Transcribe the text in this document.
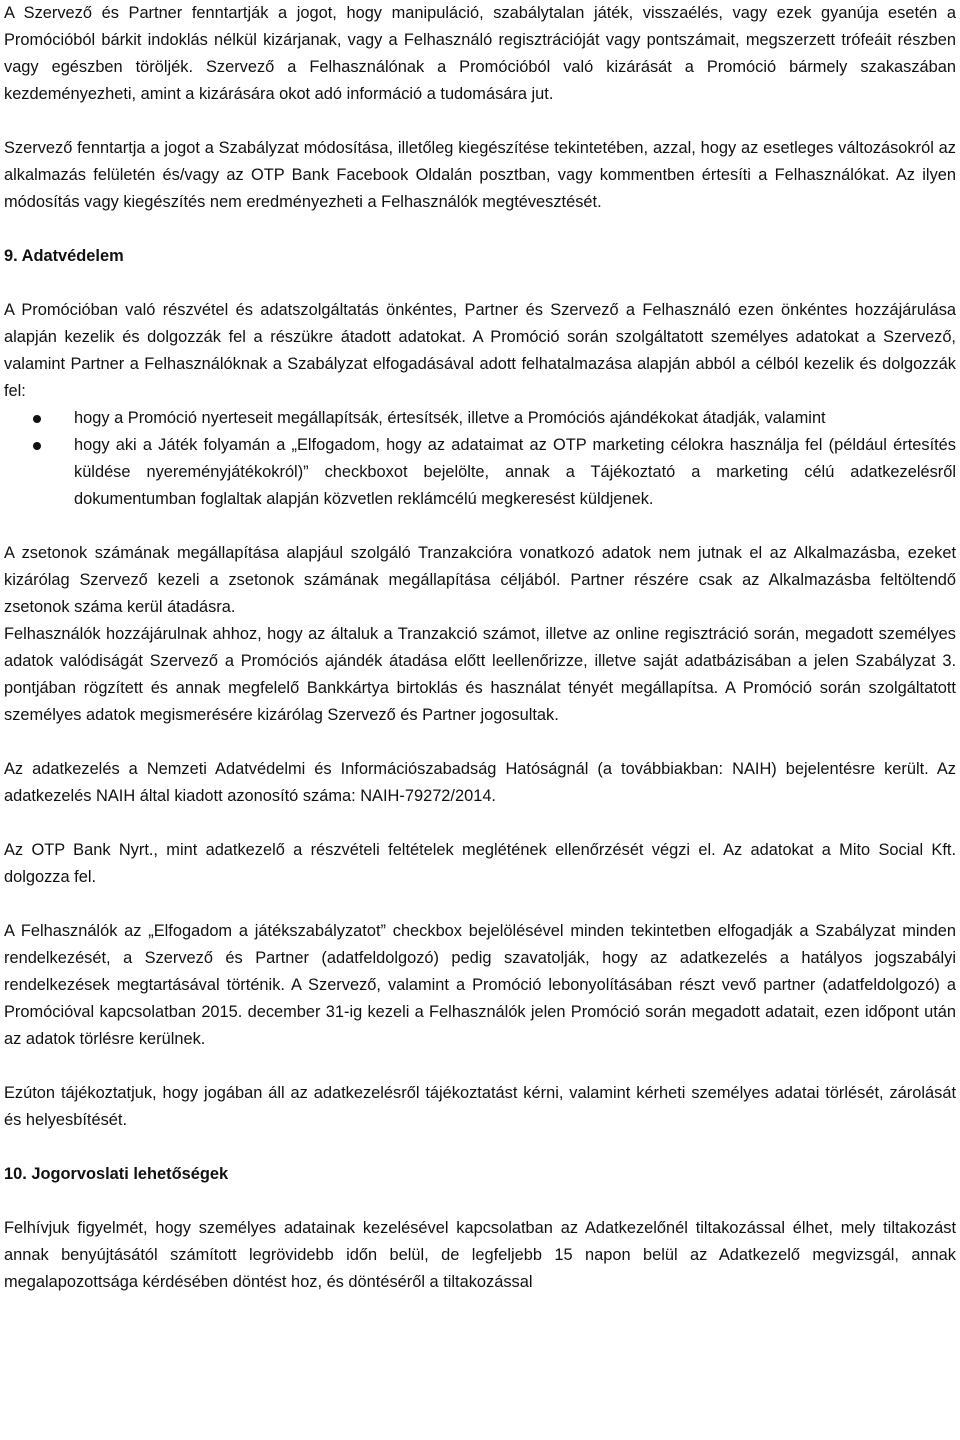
A Szervező és Partner fenntartják a jogot, hogy manipuláció, szabálytalan játék, visszaélés, vagy ezek gyanúja esetén a Promócióból bárkit indoklás nélkül kizárjanak, vagy a Felhasználó regisztrációját vagy pontszámait, megszerzett trófeáit részben vagy egészben töröljék. Szervező a Felhasználónak a Promócióból való kizárását a Promóció bármely szakaszában kezdeményezheti, amint a kizárására okot adó információ a tudomására jut.

Szervező fenntartja a jogot a Szabályzat módosítása, illetőleg kiegészítése tekintetében, azzal, hogy az esetleges változásokról az alkalmazás felületén és/vagy az OTP Bank Facebook Oldalán posztban, vagy kommentben értesíti a Felhasználókat. Az ilyen módosítás vagy kiegészítés nem eredményezheti a Felhasználók megtévesztését.

9. Adatvédelem

A Promócióban való részvétel és adatszolgáltatás önkéntes, Partner és Szervező a Felhasználó ezen önkéntes hozzájárulása alapján kezelik és dolgozzák fel a részükre átadott adatokat. A Promóció során szolgáltatott személyes adatokat a Szervező, valamint Partner a Felhasználóknak a Szabályzat elfogadásával adott felhatalmazása alapján abból a célból kezelik és dolgozzák fel:

hogy a Promóció nyerteseit megállapítsák, értesítsék, illetve a Promóciós ajándékokat átadják, valamint
hogy aki a Játék folyamán a „Elfogadom, hogy az adataimat az OTP marketing célokra használja fel (például értesítés küldése nyereményjátékokról)” checkboxot bejelölte, annak a Tájékoztató a marketing célú adatkezelésről dokumentumban foglaltak alapján közvetlen reklámcélú megkeresést küldjenek.

A zsetonok számának megállapítása alapjául szolgáló Tranzakcióra vonatkozó adatok nem jutnak el az Alkalmazásba, ezeket kizárólag Szervező kezeli a zsetonok számának megállapítása céljából. Partner részére csak az Alkalmazásba feltöltendő zsetonok száma kerül átadásra.

Felhasználók hozzájárulnak ahhoz, hogy az általuk a Tranzakció számot, illetve az online regisztráció során, megadott személyes adatok valódiságát Szervező a Promóciós ajándék átadása előtt leellenőrizze, illetve saját adatbázisában a jelen Szabályzat 3. pontjában rögzített és annak megfelelő Bankkártya birtoklás és használat tényét megállapítsa. A Promóció során szolgáltatott személyes adatok megismerésére kizárólag Szervező és Partner jogosultak.

Az adatkezelés a Nemzeti Adatvédelmi és Információszabadság Hatóságnál (a továbbiakban: NAIH) bejelentésre került. Az adatkezelés NAIH által kiadott azonosító száma: NAIH-79272/2014.

Az OTP Bank Nyrt., mint adatkezelő a részvételi feltételek meglétének ellenőrzését végzi el. Az adatokat a Mito Social Kft. dolgozza fel.

A Felhasználók az „Elfogadom a játékszabályzatot” checkbox bejelölésével minden tekintetben elfogadják a Szabályzat minden rendelkezését, a Szervező és Partner (adatfeldolgozó) pedig szavatolják, hogy az adatkezelés a hatályos jogszabályi rendelkezések megtartásával történik. A Szervező, valamint a Promóció lebonyolításában részt vevő partner (adatfeldolgozó) a Promócióval kapcsolatban 2015. december 31-ig kezeli a Felhasználók jelen Promóció során megadott adatait, ezen időpont után az adatok törlésre kerülnek.

Ezúton tájékoztatjuk, hogy jogában áll az adatkezelésről tájékoztatást kérni, valamint kérheti személyes adatai törlését, zárolását és helyesbítését.

10. Jogorvoslati lehetőségek

Felhívjuk figyelmét, hogy személyes adatainak kezelésével kapcsolatban az Adatkezelőnél tiltakozással élhet, mely tiltakozást annak benyújtásától számított legrövidebb időn belül, de legfeljebb 15 napon belül az Adatkezelő megvizsgál, annak megalapozottsága kérdésében döntést hoz, és döntéséről a tiltakozással
